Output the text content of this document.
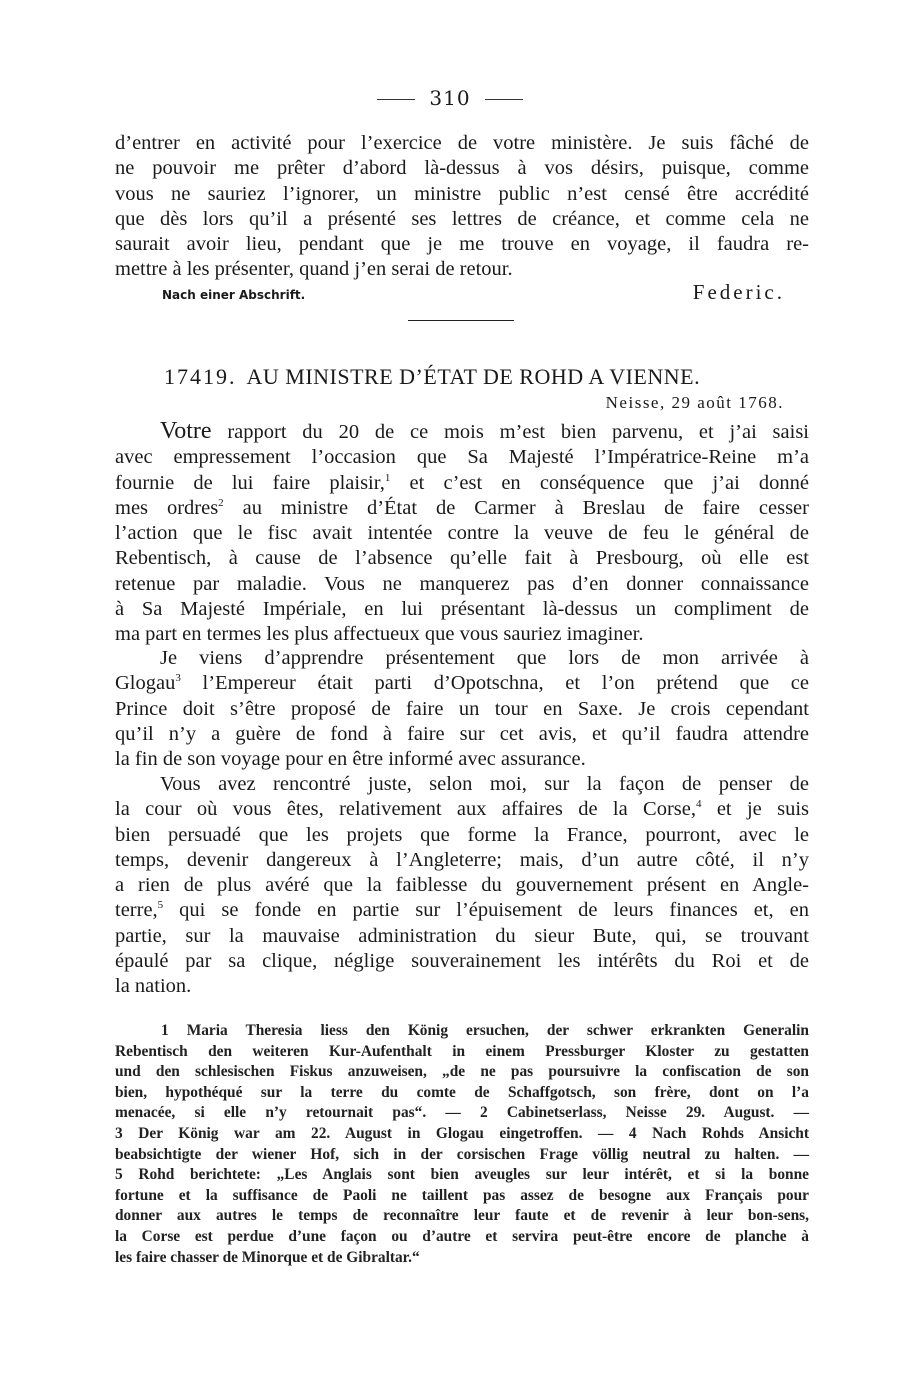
310
d’entrer en activité pour l’exercice de votre ministère. Je suis fâché de
ne pouvoir me prêter d’abord là-dessus à vos désirs, puisque, comme
vous ne sauriez l’ignorer, un ministre public n’est censé être accrédité
que dès lors qu’il a présenté ses lettres de créance, et comme cela ne
saurait avoir lieu, pendant que je me trouve en voyage, il faudra re-
mettre à les présenter, quand j’en serai de retour.
Nach einer Abschrift.	Federic.
17419. AU MINISTRE D’ÉTAT DE ROHD A VIENNE.
Neisse, 29 août 1768.
Votre rapport du 20 de ce mois m’est bien parvenu, et j’ai saisi
avec empressement l’occasion que Sa Majesté l’Impératrice-Reine m’a
fournie de lui faire plaisir,$^1$ et c’est en conséquence que j’ai donné
mes ordres$^2$ au ministre d’État de Carmer à Breslau de faire cesser
l’action que le fisc avait intentée contre la veuve de feu le général de
Rebentisch, à cause de l’absence qu’elle fait à Presbourg, où elle est
retenue par maladie. Vous ne manquerez pas d’en donner connaissance
à Sa Majesté Impériale, en lui présentant là-dessus un compliment de
ma part en termes les plus affectueux que vous sauriez imaginer.
Je viens d’apprendre présentement que lors de mon arrivée à
Glogau$^3$ l’Empereur était parti d’Opotschna, et l’on prétend que ce
Prince doit s’être proposé de faire un tour en Saxe. Je crois cependant
qu’il n’y a guère de fond à faire sur cet avis, et qu’il faudra attendre
la fin de son voyage pour en être informé avec assurance.
Vous avez rencontré juste, selon moi, sur la façon de penser de
la cour où vous êtes, relativement aux affaires de la Corse,$^4$ et je suis
bien persuadé que les projets que forme la France, pourront, avec le
temps, devenir dangereux à l’Angleterre; mais, d’un autre côté, il n’y
a rien de plus avéré que la faiblesse du gouvernement présent en Angle-
terre,$^5$ qui se fonde en partie sur l’épuisement de leurs finances et, en
partie, sur la mauvaise administration du sieur Bute, qui, se trouvant
épaulé par sa clique, néglige souverainement les intérêts du Roi et de
la nation.
1 Maria Theresia liess den König ersuchen, der schwer erkrankten Generalin
Rebentisch den weiteren Kur-Aufenthalt in einem Pressburger Kloster zu gestatten
und den schlesischen Fiskus anzuweisen, „de ne pas poursuivre la confiscation de son
bien, hypothéqué sur la terre du comte de Schaffgotsch, son frère, dont on l’a
menacée, si elle n’y retournait pas“. — 2 Cabinetserlass, Neisse 29. August. —
3 Der König war am 22. August in Glogau eingetroffen. — 4 Nach Rohds Ansicht
beabsichtigte der wiener Hof, sich in der corsischen Frage völlig neutral zu halten. —
5 Rohd berichtete: „Les Anglais sont bien aveugles sur leur intérêt, et si la bonne
fortune et la suffisance de Paoli ne taillent pas assez de besogne aux Français pour
donner aux autres le temps de reconnaître leur faute et de revenir à leur bon-sens,
la Corse est perdue d’une façon ou d’autre et servira peut-être encore de planche à
les faire chasser de Minorque et de Gibraltar.“
